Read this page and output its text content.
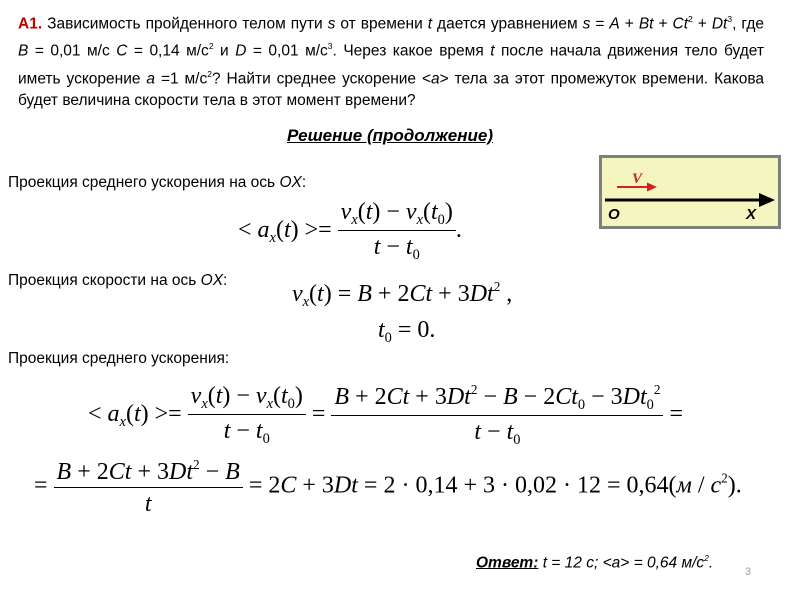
А1. Зависимость пройденного телом пути s от времени t дается уравнением $s = A + Bt + Ct^2 + Dt^3$, где B = 0,01 м/с C = 0,14 $м/с^2$ и D = 0,01 $м/с^3$. Через какое время t после начала движения тело будет иметь ускорение a =1 $м/с^2$? Найти среднее ускорение <a> тела за этот промежуток времени. Какова будет величина скорости тела в этот момент времени?
Решение (продолжение)
V
O	X
Проекция среднего ускорения на ось OX:
< $a_x(t) >= \frac{v_x(t) - v_x(t_0)}{t - t_0}$ .
Проекция скорости на ось OX:
$v_x(t) = B + 2Ct + 3Dt^2$ ,
$t_0 = 0$.
Проекция среднего ускорения:
< $a_x(t) >= \frac{v_x(t) - v_x(t_0)}{t - t_0} = \frac{B + 2Ct + 3Dt^2 - B - 2Ct_0 - 3Dt_0^2}{t - t_0}$ =
= $\frac{B + 2Ct + 3Dt^2 - B}{t} = 2C + 3Dt = 2 \cdot 0,14 + 3 \cdot 0,02 \cdot 12 = 0,64(м / с^2)$.
Ответ: t = 12 с; <a> = 0,64 $м/с^2$.
3
